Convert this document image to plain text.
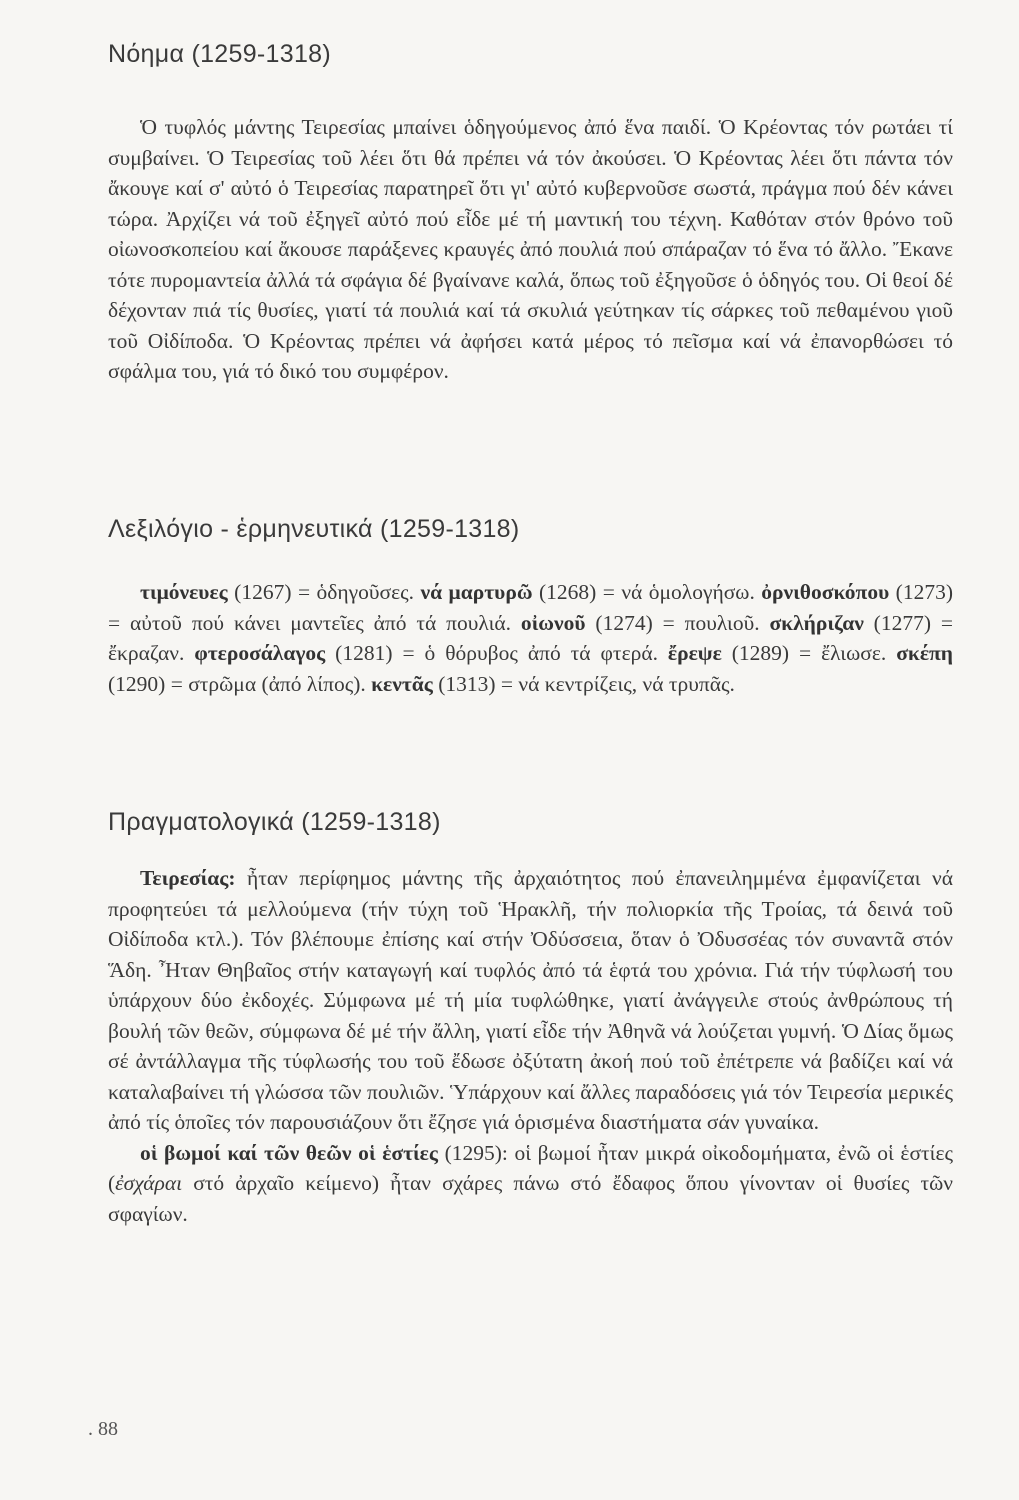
Νόημα (1259-1318)

Ὁ τυφλός μάντης Τειρεσίας μπαίνει ὁδηγούμενος ἀπό ἕνα παιδί. Ὁ Κρέοντας τόν ρωτάει τί συμβαίνει. Ὁ Τειρεσίας τοῦ λέει ὅτι θά πρέπει νά τόν ἀκούσει. Ὁ Κρέοντας λέει ὅτι πάντα τόν ἄκουγε καί σ' αὐτό ὁ Τειρεσίας παρατηρεῖ ὅτι γι' αὐτό κυβερνοῦσε σωστά, πράγμα πού δέν κάνει τώρα. Ἀρχίζει νά τοῦ ἐξηγεῖ αὐτό πού εἶδε μέ τή μαντική του τέχνη. Καθόταν στόν θρόνο τοῦ οἰωνοσκοπείου καί ἄκουσε παράξενες κραυγές ἀπό πουλιά πού σπάραζαν τό ἕνα τό ἄλλο. Ἔκανε τότε πυρομαντεία ἀλλά τά σφάγια δέ βγαίνανε καλά, ὅπως τοῦ ἐξηγοῦσε ὁ ὁδηγός του. Οἱ θεοί δέ δέχονταν πιά τίς θυσίες, γιατί τά πουλιά καί τά σκυλιά γεύτηκαν τίς σάρκες τοῦ πεθαμένου γιοῦ τοῦ Οἰδίποδα. Ὁ Κρέοντας πρέπει νά ἀφήσει κατά μέρος τό πεῖσμα καί νά ἐπανορθώσει τό σφάλμα του, γιά τό δικό του συμφέρον.

Λεξιλόγιο - ἑρμηνευτικά (1259-1318)

τιμόνευες (1267) = ὁδηγοῦσες. νά μαρτυρῶ (1268) = νά ὁμολογήσω. ὀρνιθοσκόπου (1273) = αὐτοῦ πού κάνει μαντεῖες ἀπό τά πουλιά. οἰωνοῦ (1274) = πουλιοῦ. σκλήριζαν (1277) = ἔκραζαν. φτεροσάλαγος (1281) = ὁ θόρυβος ἀπό τά φτερά. ἔρεψε (1289) = ἔλιωσε. σκέπη (1290) = στρῶμα (ἀπό λίπος). κεντᾶς (1313) = νά κεντρίζεις, νά τρυπᾶς.

Πραγματολογικά (1259-1318)

Τειρεσίας: ἦταν περίφημος μάντης τῆς ἀρχαιότητος πού ἐπανειλημμένα ἐμφανίζεται νά προφητεύει τά μελλούμενα (τήν τύχη τοῦ Ἡρακλῆ, τήν πολιορκία τῆς Τροίας, τά δεινά τοῦ Οἰδίποδα κτλ.). Τόν βλέπουμε ἐπίσης καί στήν Ὀδύσσεια, ὅταν ὁ Ὀδυσσέας τόν συναντᾶ στόν Ἅδη. Ἦταν Θηβαῖος στήν καταγωγή καί τυφλός ἀπό τά ἑφτά του χρόνια. Γιά τήν τύφλωσή του ὑπάρχουν δύο ἐκδοχές. Σύμφωνα μέ τή μία τυφλώθηκε, γιατί ἀνάγγειλε στούς ἀνθρώπους τή βουλή τῶν θεῶν, σύμφωνα δέ μέ τήν ἄλλη, γιατί εἶδε τήν Ἀθηνᾶ νά λούζεται γυμνή. Ὁ Δίας ὅμως σέ ἀντάλλαγμα τῆς τύφλωσής του τοῦ ἔδωσε ὀξύτατη ἀκοή πού τοῦ ἐπέτρεπε νά βαδίζει καί νά καταλαβαίνει τή γλώσσα τῶν πουλιῶν. Ὑπάρχουν καί ἄλλες παραδόσεις γιά τόν Τειρεσία μερικές ἀπό τίς ὁποῖες τόν παρουσιάζουν ὅτι ἔζησε γιά ὁρισμένα διαστήματα σάν γυναίκα.

οἱ βωμοί καί τῶν θεῶν οἱ ἑστίες (1295): οἱ βωμοί ἦταν μικρά οἰκοδομήματα, ἐνῶ οἱ ἑστίες (ἐσχάραι στό ἀρχαῖο κείμενο) ἦταν σχάρες πάνω στό ἔδαφος ὅπου γίνονταν οἱ θυσίες τῶν σφαγίων.

. 88
